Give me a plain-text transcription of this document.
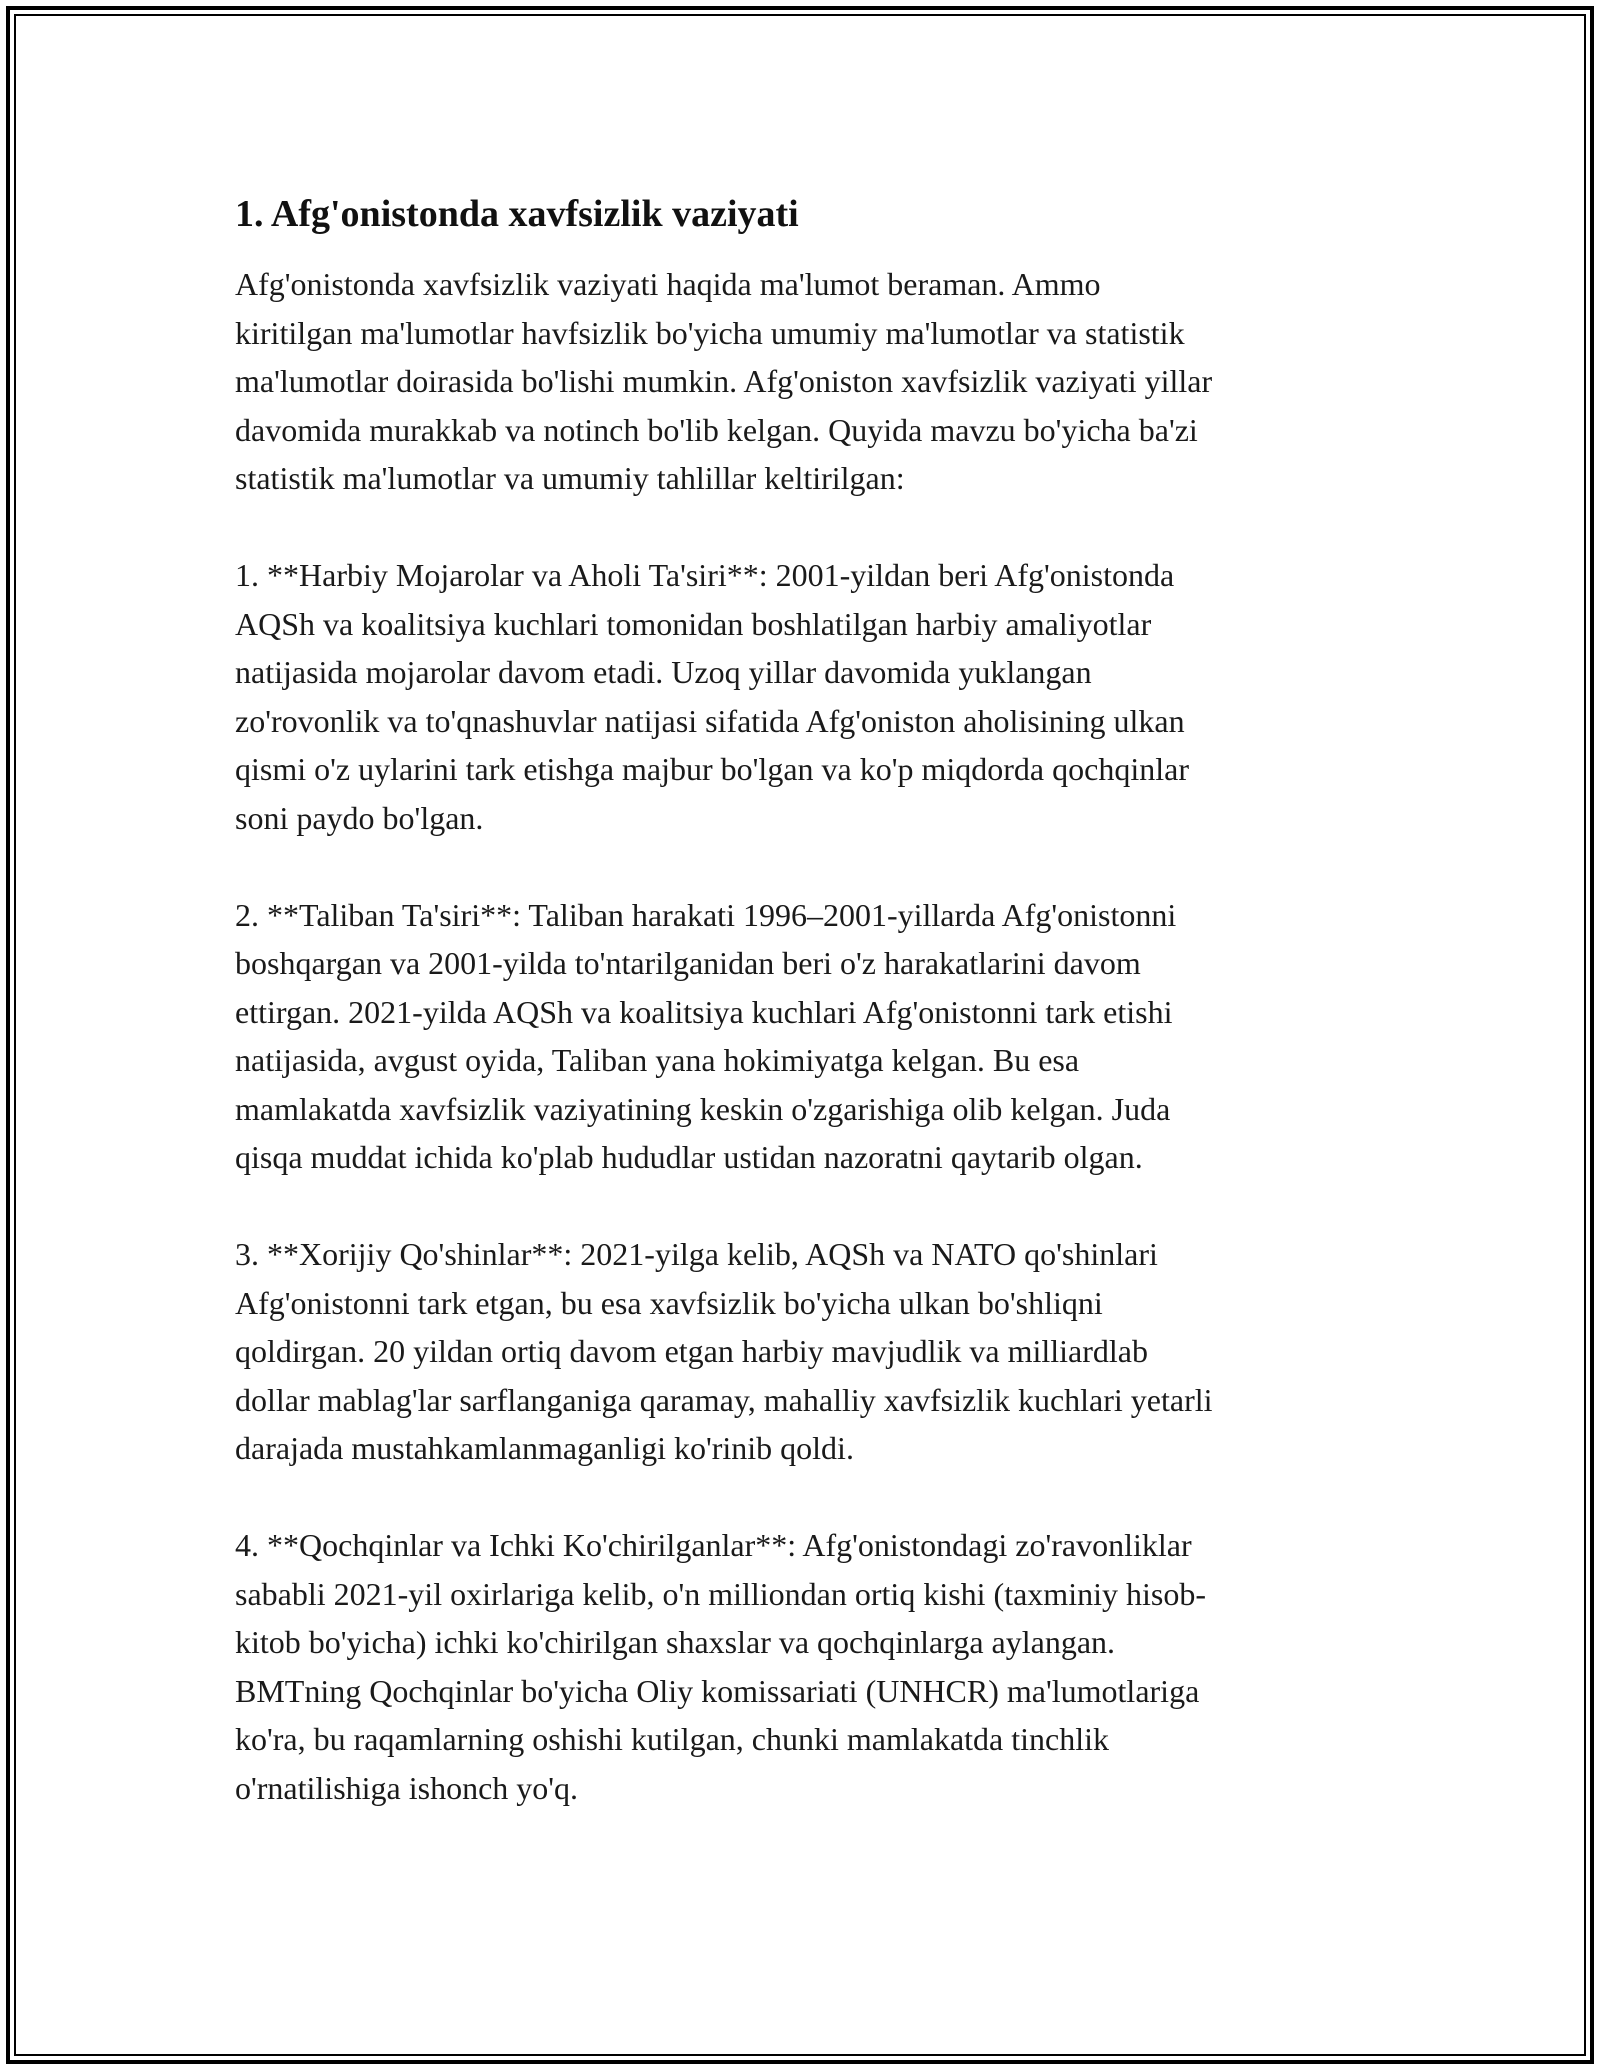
1. Afg'onistonda xavfsizlik vaziyati

Afg'onistonda xavfsizlik vaziyati haqida ma'lumot beraman. Ammo
kiritilgan ma'lumotlar havfsizlik bo'yicha umumiy ma'lumotlar va statistik
ma'lumotlar doirasida bo'lishi mumkin. Afg'oniston xavfsizlik vaziyati yillar
davomida murakkab va notinch bo'lib kelgan. Quyida mavzu bo'yicha ba'zi
statistik ma'lumotlar va umumiy tahlillar keltirilgan:

1. **Harbiy Mojarolar va Aholi Ta'siri**: 2001-yildan beri Afg'onistonda
AQSh va koalitsiya kuchlari tomonidan boshlatilgan harbiy amaliyotlar
natijasida mojarolar davom etadi. Uzoq yillar davomida yuklangan
zo'rovonlik va to'qnashuvlar natijasi sifatida Afg'oniston aholisining ulkan
qismi o'z uylarini tark etishga majbur bo'lgan va ko'p miqdorda qochqinlar
soni paydo bo'lgan.

2. **Taliban Ta'siri**: Taliban harakati 1996–2001-yillarda Afg'onistonni
boshqargan va 2001-yilda to'ntarilganidan beri o'z harakatlarini davom
ettirgan. 2021-yilda AQSh va koalitsiya kuchlari Afg'onistonni tark etishi
natijasida, avgust oyida, Taliban yana hokimiyatga kelgan. Bu esa
mamlakatda xavfsizlik vaziyatining keskin o'zgarishiga olib kelgan. Juda
qisqa muddat ichida ko'plab hududlar ustidan nazoratni qaytarib olgan.

3. **Xorijiy Qo'shinlar**: 2021-yilga kelib, AQSh va NATO qo'shinlari
Afg'onistonni tark etgan, bu esa xavfsizlik bo'yicha ulkan bo'shliqni
qoldirgan. 20 yildan ortiq davom etgan harbiy mavjudlik va milliardlab
dollar mablag'lar sarflanganiga qaramay, mahalliy xavfsizlik kuchlari yetarli
darajada mustahkamlanmaganligi ko'rinib qoldi.

4. **Qochqinlar va Ichki Ko'chirilganlar**: Afg'onistondagi zo'ravonliklar
sababli 2021-yil oxirlariga kelib, o'n milliondan ortiq kishi (taxminiy hisob-
kitob bo'yicha) ichki ko'chirilgan shaxslar va qochqinlarga aylangan.
BMTning Qochqinlar bo'yicha Oliy komissariati (UNHCR) ma'lumotlariga
ko'ra, bu raqamlarning oshishi kutilgan, chunki mamlakatda tinchlik
o'rnatilishiga ishonch yo'q.
